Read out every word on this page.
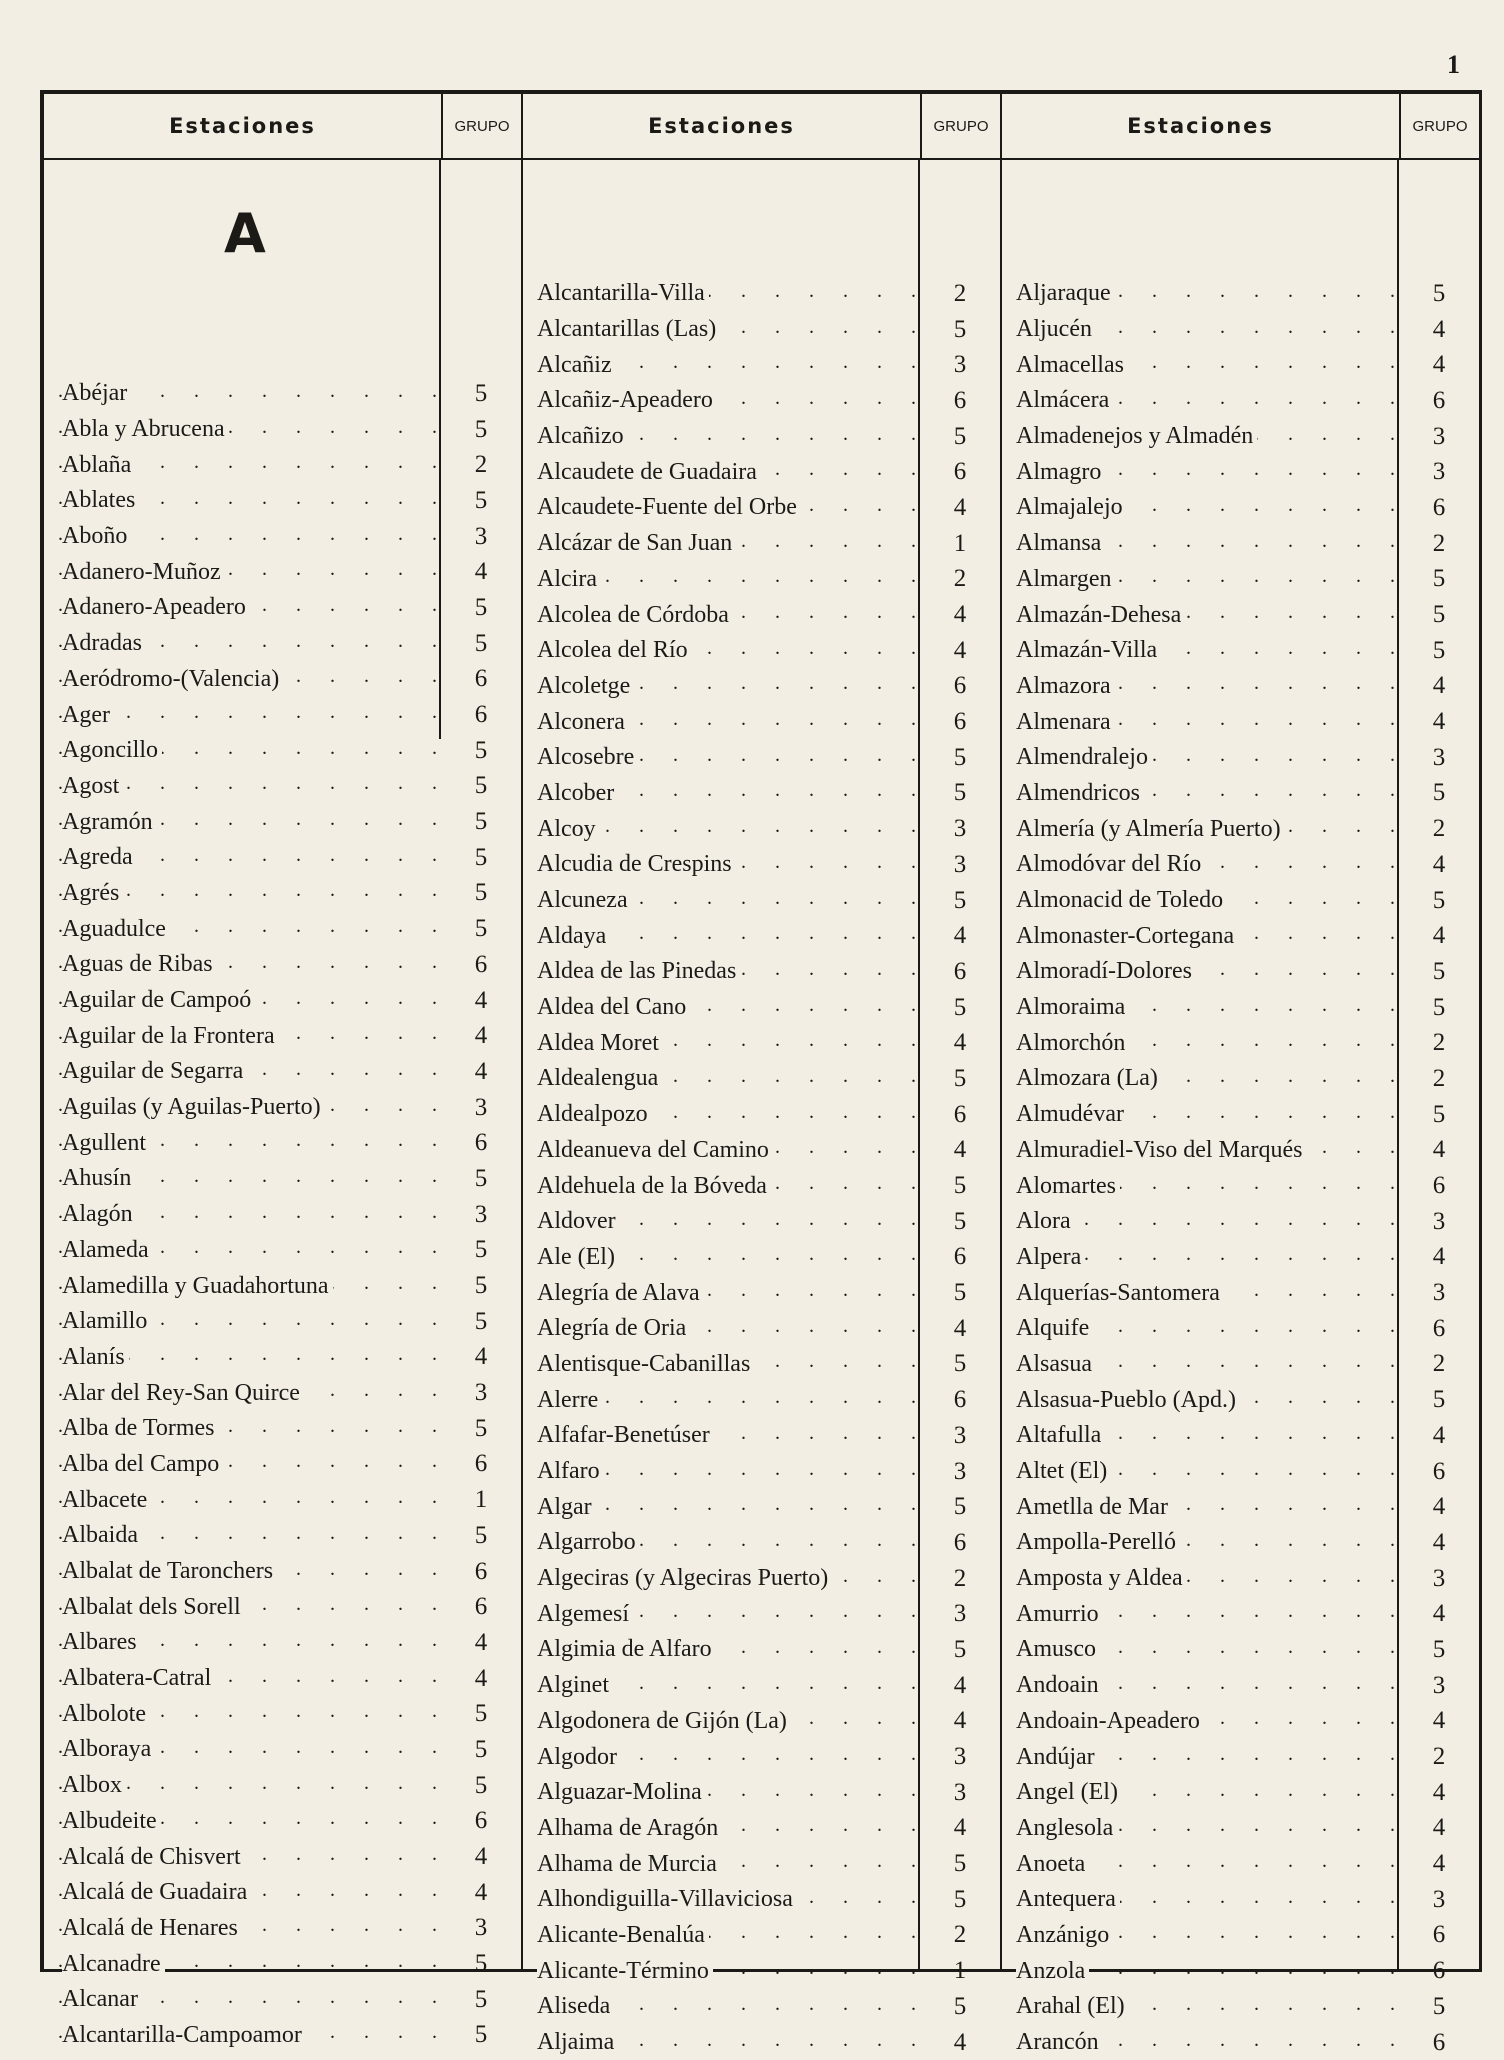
1
Estaciones	GRUPO
A
Abéjar . . .	5
Abla y Abrucena . . .	5
Ablaña . . .	2
Ablates . . .	5
Aboño . . .	3
Adanero-Muñoz . . .	4
Adanero-Apeadero . . .	5
Adradas . . .	5
Aeródromo-(Valencia) . . .	6
Ager . . .	6
Agoncillo . . .	5
Agost . . .	5
Agramón . . .	5
Agreda . . .	5
Agrés . . .	5
Aguadulce . . .	5
Aguas de Ribas . . .	6
Aguilar de Campoó . . .	4
Aguilar de la Frontera . . .	4
Aguilar de Segarra . . .	4
Aguilas (y Aguilas-Puerto) . . .	3
Agullent . . .	6
Ahusín . . .	5
Alagón . . .	3
Alameda . . .	5
Alamedilla y Guadahortuna . . .	5
Alamillo . . .	5
Alanís . . .	4
Alar del Rey-San Quirce . . .	3
Alba de Tormes . . .	5
Alba del Campo . . .	6
Albacete . . .	1
Albaida . . .	5
Albalat de Taronchers . . .	6
Albalat dels Sorell . . .	6
Albares . . .	4
Albatera-Catral . . .	4
Albolote . . .	5
Alboraya . . .	5
Albox . . .	5
Albudeite . . .	6
Alcalá de Chisvert . . .	4
Alcalá de Guadaira . . .	4
Alcalá de Henares . . .	3
Alcanadre . . .	5
Alcanar . . .	5
Alcantarilla-Campoamor . . .	5
Estaciones	GRUPO
Alcantarilla-Villa . . .	2
Alcantarillas (Las) . . .	5
Alcañiz . . .	3
Alcañiz-Apeadero . . .	6
Alcañizo . . .	5
Alcaudete de Guadaira . . .	6
Alcaudete-Fuente del Orbe . . .	4
Alcázar de San Juan . . .	1
Alcira . . .	2
Alcolea de Córdoba . . .	4
Alcolea del Río . . .	4
Alcoletge . . .	6
Alconera . . .	6
Alcosebre . . .	5
Alcober . . .	5
Alcoy . . .	3
Alcudia de Crespins . . .	3
Alcuneza . . .	5
Aldaya . . .	4
Aldea de las Pinedas . . .	6
Aldea del Cano . . .	5
Aldea Moret . . .	4
Aldealengua . . .	5
Aldealpozo . . .	6
Aldeanueva del Camino . . .	4
Aldehuela de la Bóveda . . .	5
Aldover . . .	5
Ale (El) . . .	6
Alegría de Alava . . .	5
Alegría de Oria . . .	4
Alentisque-Cabanillas . . .	5
Alerre . . .	6
Alfafar-Benetúser . . .	3
Alfaro . . .	3
Algar . . .	5
Algarrobo . . .	6
Algeciras (y Algeciras Puerto) . . .	2
Algemesí . . .	3
Algimia de Alfaro . . .	5
Alginet . . .	4
Algodonera de Gijón (La) . . .	4
Algodor . . .	3
Alguazar-Molina . . .	3
Alhama de Aragón . . .	4
Alhama de Murcia . . .	5
Alhondiguilla-Villaviciosa . . .	5
Alicante-Benalúa . . .	2
Alicante-Término . . .	1
Aliseda . . .	5
Aljaima . . .	4
Estaciones	GRUPO
Aljaraque . . .	5
Aljucén . . .	4
Almacellas . . .	4
Almácera . . .	6
Almadenejos y Almadén . . .	3
Almagro . . .	3
Almajalejo . . .	6
Almansa . . .	2
Almargen . . .	5
Almazán-Dehesa . . .	5
Almazán-Villa . . .	5
Almazora . . .	4
Almenara . . .	4
Almendralejo . . .	3
Almendricos . . .	5
Almería (y Almería Puerto) . . .	2
Almodóvar del Río . . .	4
Almonacid de Toledo . . .	5
Almonaster-Cortegana . . .	4
Almoradí-Dolores . . .	5
Almoraima . . .	5
Almorchón . . .	2
Almozara (La) . . .	2
Almudévar . . .	5
Almuradiel-Viso del Marqués . . .	4
Alomartes . . .	6
Alora . . .	3
Alpera . . .	4
Alquerías-Santomera . . .	3
Alquife . . .	6
Alsasua . . .	2
Alsasua-Pueblo (Apd.) . . .	5
Altafulla . . .	4
Altet (El) . . .	6
Ametlla de Mar . . .	4
Ampolla-Perelló . . .	4
Amposta y Aldea . . .	3
Amurrio . . .	4
Amusco . . .	5
Andoain . . .	3
Andoain-Apeadero . . .	4
Andújar . . .	2
Angel (El) . . .	4
Anglesola . . .	4
Anoeta . . .	4
Antequera . . .	3
Anzánigo . . .	6
Anzola . . .	6
Arahal (El) . . .	5
Arancón . . .	6
